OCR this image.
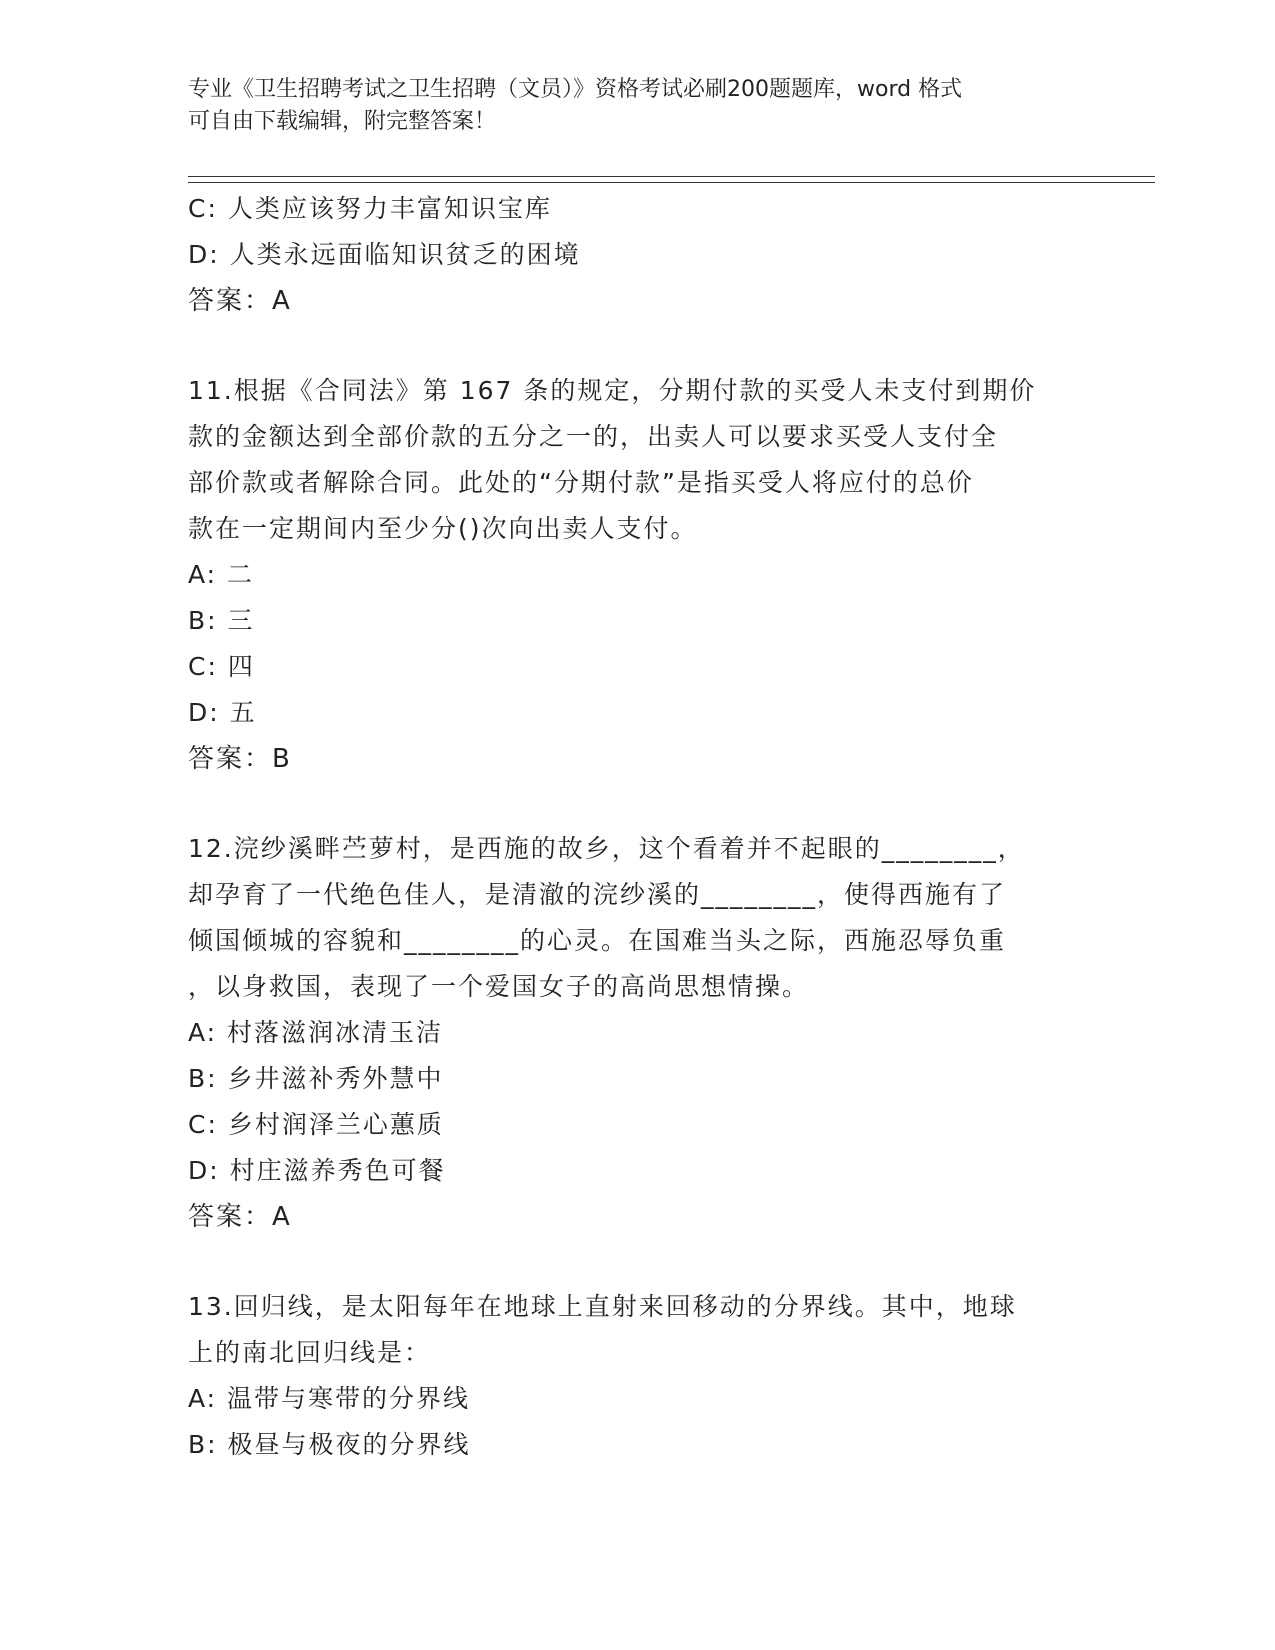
专业《卫生招聘考试之卫生招聘（文员）》资格考试必刷200题题库，word 格式
可自由下载编辑，附完整答案！
C: 人类应该努力丰富知识宝库
D: 人类永远面临知识贫乏的困境
答案：A
11.根据《合同法》第 167 条的规定，分期付款的买受人未支付到期价
款的金额达到全部价款的五分之一的，出卖人可以要求买受人支付全
部价款或者解除合同。此处的“分期付款”是指买受人将应付的总价
款在一定期间内至少分()次向出卖人支付。
A: 二
B: 三
C: 四
D: 五
答案：B
12.浣纱溪畔苎萝村，是西施的故乡，这个看着并不起眼的________，
却孕育了一代绝色佳人，是清澈的浣纱溪的________，使得西施有了
倾国倾城的容貌和________的心灵。在国难当头之际，西施忍辱负重
，以身救国，表现了一个爱国女子的高尚思想情操。
A: 村落滋润冰清玉洁
B: 乡井滋补秀外慧中
C: 乡村润泽兰心蕙质
D: 村庄滋养秀色可餐
答案：A
13.回归线，是太阳每年在地球上直射来回移动的分界线。其中，地球
上的南北回归线是：
A: 温带与寒带的分界线
B: 极昼与极夜的分界线
